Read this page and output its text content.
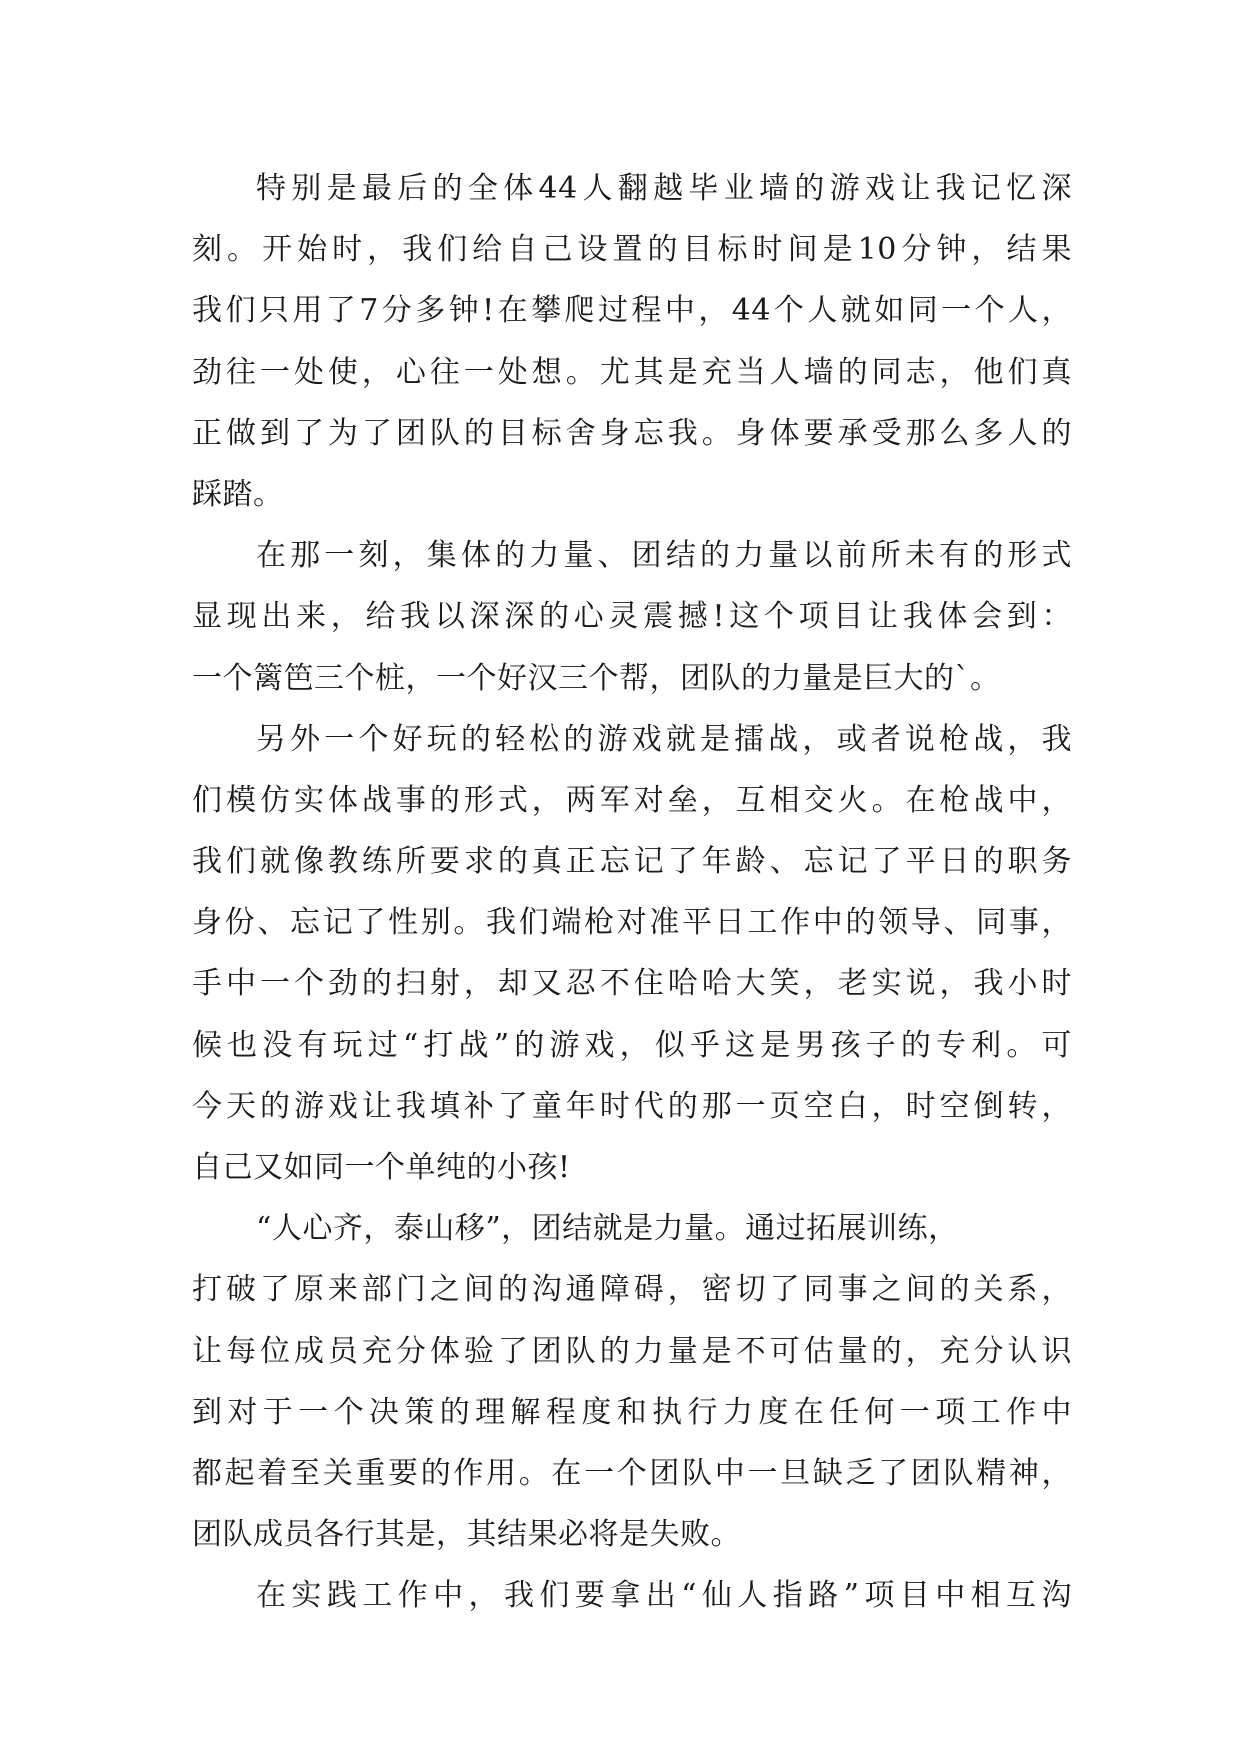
特别是最后的全体44人翻越毕业墙的游戏让我记忆深
刻。开始时，我们给自己设置的目标时间是10分钟，结果
我们只用了7分多钟!在攀爬过程中，44个人就如同一个人，
劲往一处使，心往一处想。尤其是充当人墙的同志，他们真
正做到了为了团队的目标舍身忘我。身体要承受那么多人的
踩踏。
在那一刻，集体的力量、团结的力量以前所未有的形式
显现出来，给我以深深的心灵震撼!这个项目让我体会到：
一个篱笆三个桩，一个好汉三个帮，团队的力量是巨大的`。
另外一个好玩的轻松的游戏就是擂战，或者说枪战，我
们模仿实体战事的形式，两军对垒，互相交火。在枪战中，
我们就像教练所要求的真正忘记了年龄、忘记了平日的职务
身份、忘记了性别。我们端枪对准平日工作中的领导、同事，
手中一个劲的扫射，却又忍不住哈哈大笑，老实说，我小时
候也没有玩过“打战”的游戏，似乎这是男孩子的专利。可
今天的游戏让我填补了童年时代的那一页空白，时空倒转，
自己又如同一个单纯的小孩!
“人心齐，泰山移”，团结就是力量。通过拓展训练，
打破了原来部门之间的沟通障碍，密切了同事之间的关系，
让每位成员充分体验了团队的力量是不可估量的，充分认识
到对于一个决策的理解程度和执行力度在任何一项工作中
都起着至关重要的作用。在一个团队中一旦缺乏了团队精神，
团队成员各行其是，其结果必将是失败。
在实践工作中，我们要拿出“仙人指路”项目中相互沟
